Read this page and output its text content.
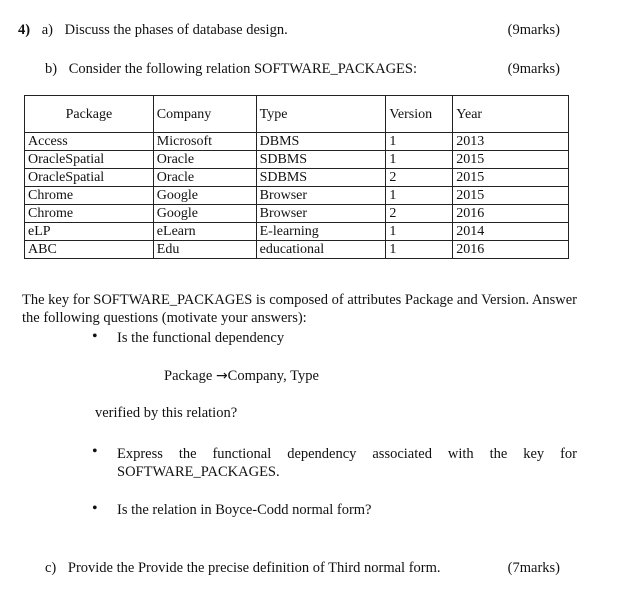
4) a) Discuss the phases of database design.	(9marks)
b) Consider the following relation SOFTWARE_PACKAGES:	(9marks)
Package	Company	Type	Version	Year
Access	Microsoft	DBMS	1	2013
OracleSpatial	Oracle	SDBMS	1	2015
OracleSpatial	Oracle	SDBMS	2	2015
Chrome	Google	Browser	1	2015
Chrome	Google	Browser	2	2016
eLP	eLearn	E-learning	1	2014
ABC	Edu	educational	1	2016
The key for SOFTWARE_PACKAGES is composed of attributes Package and Version. Answer the following questions (motivate your answers):
• Is the functional dependency
Package →Company, Type
verified by this relation?
• Express the functional dependency associated with the key for SOFTWARE_PACKAGES.
• Is the relation in Boyce-Codd normal form?
c) Provide the Provide the precise definition of Third normal form.	(7marks)
